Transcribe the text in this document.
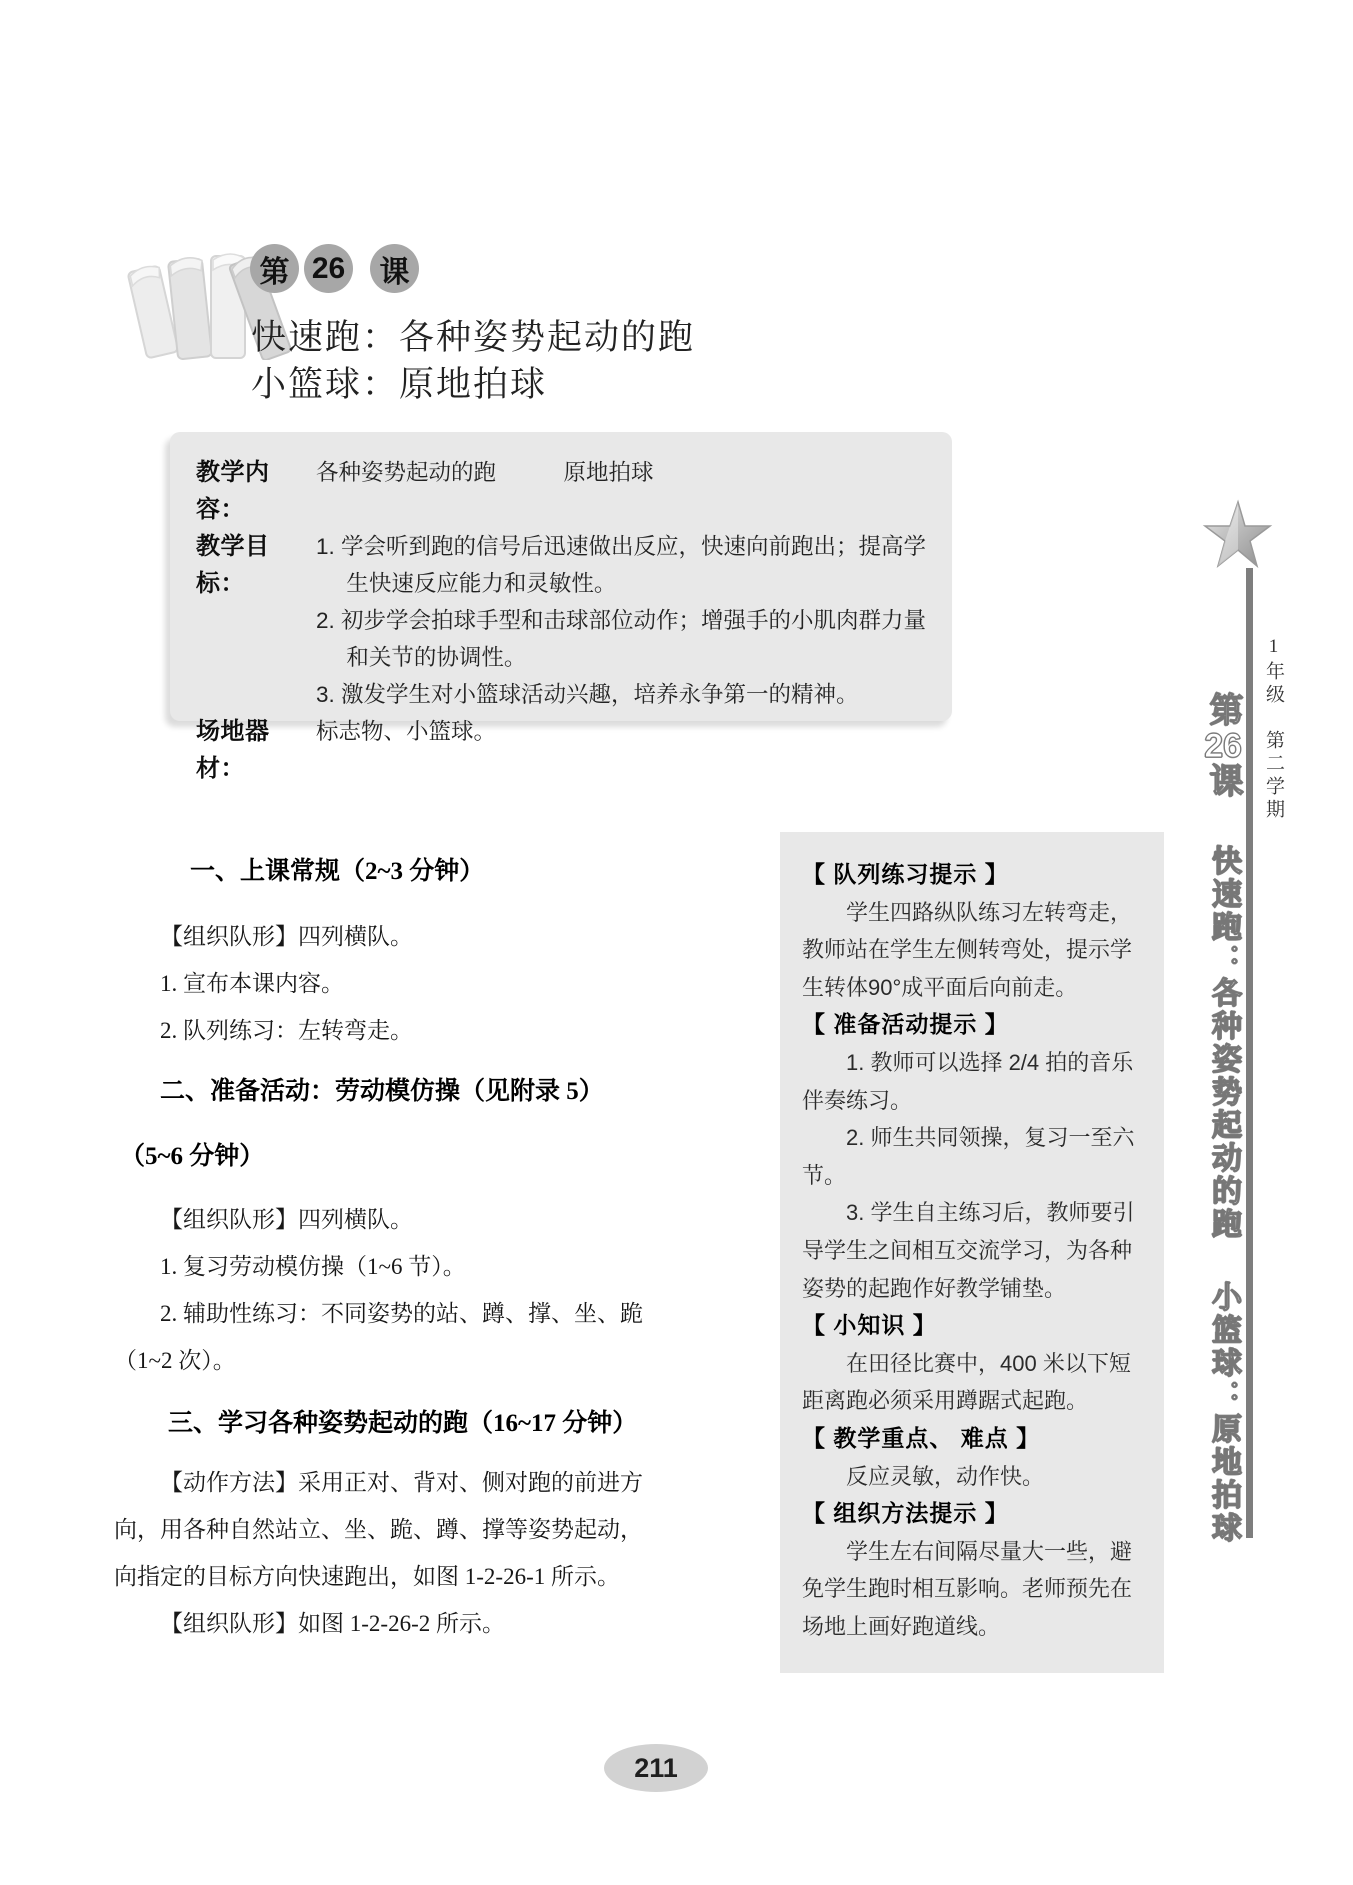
第 26	课
快速跑：各种姿势起动的跑
小篮球：原地拍球
教学内容：
各种姿势起动的跑　　　原地拍球
教学目标：
1. 学会听到跑的信号后迅速做出反应，快速向前跑出；提高学生快速反应能力和灵敏性。
2. 初步学会拍球手型和击球部位动作；增强手的小肌肉群力量和关节的协调性。
3. 激发学生对小篮球活动兴趣，培养永争第一的精神。
场地器材：
标志物、小篮球。
一、上课常规（2~3 分钟）

【组织队形】四列横队。

1. 宣布本课内容。

2. 队列练习：左转弯走。

二、准备活动：劳动模仿操（见附录 5）
（5~6 分钟）

【组织队形】四列横队。

1. 复习劳动模仿操（1~6 节）。

2. 辅助性练习：不同姿势的站、蹲、撑、坐、跪（1~2 次）。

三、学习各种姿势起动的跑（16~17 分钟）

【动作方法】采用正对、背对、侧对跑的前进方向，用各种自然站立、坐、跪、蹲、撑等姿势起动，向指定的目标方向快速跑出，如图 1-2-26-1 所示。

【组织队形】如图 1-2-26-2 所示。

【 队列练习提示 】
学生四路纵队练习左转弯走，教师站在学生左侧转弯处，提示学生转体90°成平面后向前走。
【 准备活动提示 】
1. 教师可以选择 2/4 拍的音乐伴奏练习。
2. 师生共同领操，复习一至六节。
3. 学生自主练习后，教师要引导学生之间相互交流学习，为各种姿势的起跑作好教学铺垫。
【 小知识 】
在田径比赛中，400 米以下短距离跑必须采用蹲踞式起跑。
【 教学重点、 难点 】
反应灵敏，动作快。
【 组织方法提示 】
学生左右间隔尽量大一些，避免学生跑时相互影响。老师预先在场地上画好跑道线。
1年级　第二学期
第26课
快速跑：各种姿势起动的跑小篮球：原地拍球
211
